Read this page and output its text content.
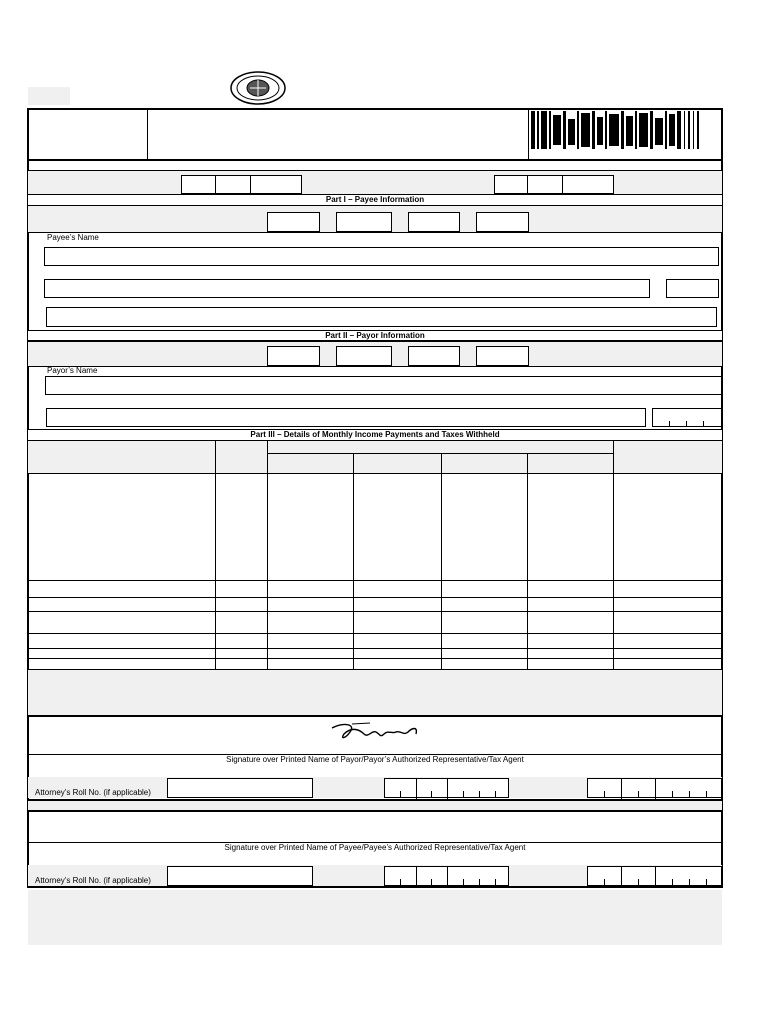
Part I – Payee Information
Payee’s Name
Part II – Payor Information
Payor’s Name
Part III – Details of Monthly Income Payments and Taxes Withheld
Signature over Printed Name of Payor/Payor’s Authorized Representative/Tax Agent
Attorney’s Roll No. (if applicable)
Signature over Printed Name of Payee/Payee’s Authorized Representative/Tax Agent
Attorney’s Roll No. (if applicable)
